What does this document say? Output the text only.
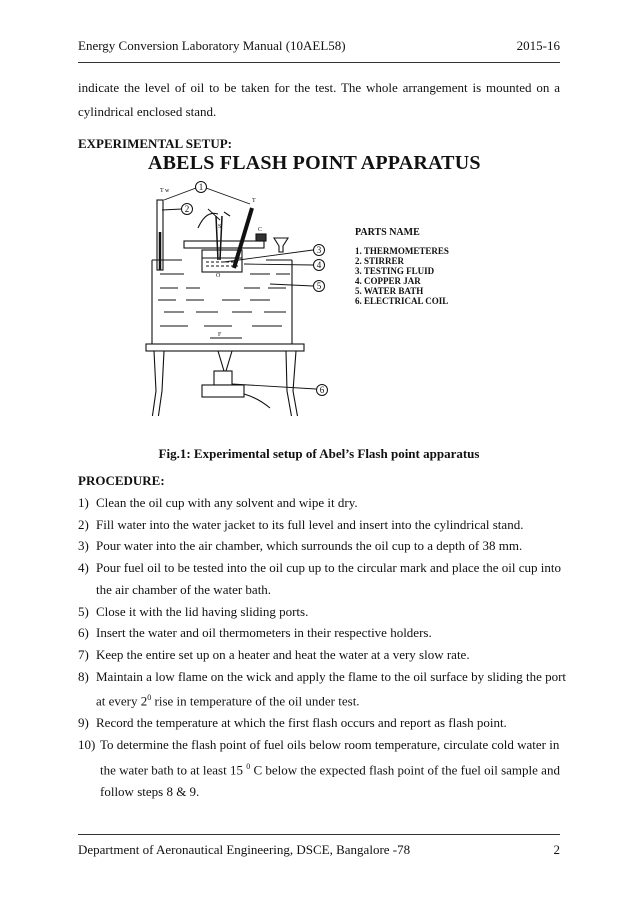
Energy Conversion Laboratory Manual (10AEL58)	2015-16
indicate the level of oil to be taken for the test. The whole arrangement is mounted on a cylindrical enclosed stand.
EXPERIMENTAL SETUP:
ABELS FLASH POINT APPARATUS
1
2
3
4
5
6
T w
T
S	C
F
O
PARTS NAME
1. THERMOMETERES
2. STIRRER
3. TESTING FLUID
4. COPPER JAR
5. WATER BATH
6. ELECTRICAL COIL
Fig.1: Experimental setup of Abel’s Flash point apparatus
PROCEDURE:
1) Clean the oil cup with any solvent and wipe it dry.
2) Fill water into the water jacket to its full level and insert into the cylindrical stand.
3) Pour water into the air chamber, which surrounds the oil cup to a depth of 38 mm.
4) Pour fuel oil to be tested into the oil cup up to the circular mark and place the oil cup into the air chamber of the water bath.
5) Close it with the lid having sliding ports.
6) Insert the water and oil thermometers in their respective holders.
7) Keep the entire set up on a heater and heat the water at a very slow rate.
8) Maintain a low flame on the wick and apply the flame to the oil surface by sliding the port at every $2^0$ rise in temperature of the oil under test.
9) Record the temperature at which the first flash occurs and report as flash point.
10) To determine the flash point of fuel oils below room temperature, circulate cold water in the water bath to at least 15 $^0$ C below the expected flash point of the fuel oil sample and follow steps 8 & 9.
Department of Aeronautical Engineering, DSCE, Bangalore -78	2
